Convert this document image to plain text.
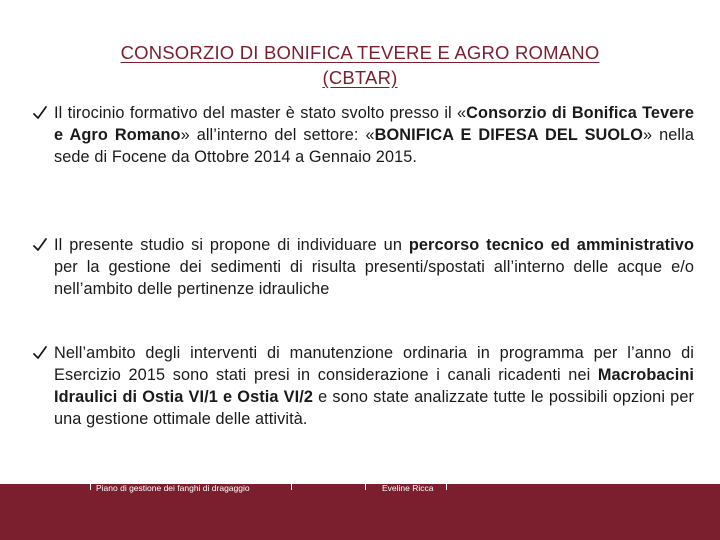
CONSORZIO DI BONIFICA TEVERE E AGRO ROMANO
(CBTAR)
Il tirocinio formativo del master è stato svolto presso il «Consorzio di Bonifica Tevere e Agro Romano» all’interno del settore: «BONIFICA E DIFESA DEL SUOLO» nella sede di Focene da Ottobre 2014 a Gennaio 2015.
Il presente studio si propone di individuare un percorso tecnico ed amministrativo per la gestione dei sedimenti di risulta presenti/spostati all’interno delle acque e/o nell’ambito delle pertinenze idrauliche
Nell’ambito degli interventi di manutenzione ordinaria in programma per l’anno di Esercizio 2015 sono stati presi in considerazione i canali ricadenti nei Macrobacini Idraulici di Ostia VI/1 e Ostia VI/2 e sono state analizzate tutte le possibili opzioni per una gestione ottimale delle attività.
Piano di gestione dei fanghi di dragaggio	Eveline Ricca
